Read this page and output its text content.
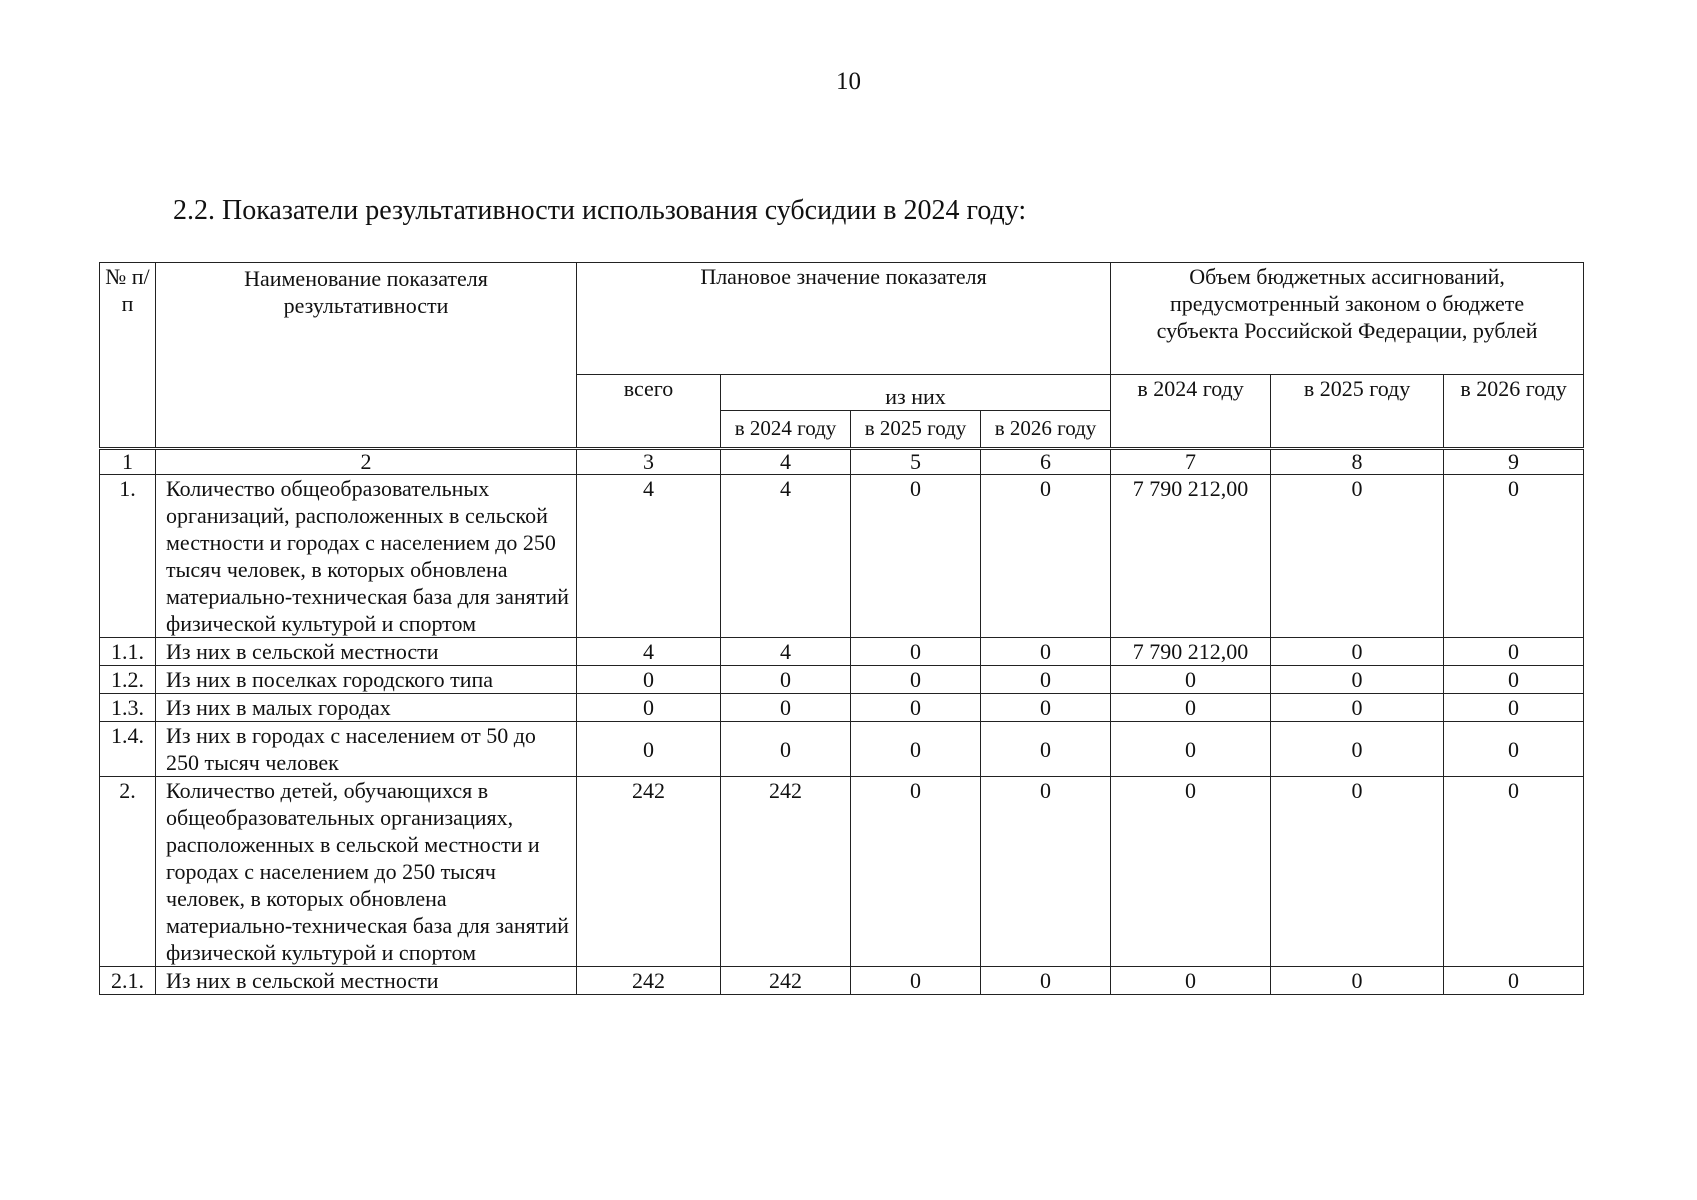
10
2.2. Показатели результативности использования субсидии в 2024 году:
№ п/п	Наименование показателя результативности	Плановое значение показателя				Объем бюджетных ассигнований, предусмотренный законом о бюджете субъекта Российской Федерации, рублей		
		всего	из них			в 2024 году	в 2025 году	в 2026 году
			в 2024 году	в 2025 году	в 2026 году			
1	2	3	4	5	6	7	8	9
1.	Количество общеобразовательных организаций, расположенных в сельской местности и городах с населением до 250 тысяч человек, в которых обновлена материально-техническая база для занятий физической культурой и спортом	4	4	0	0	7 790 212,00	0	0
1.1.	Из них в сельской местности	4	4	0	0	7 790 212,00	0	0
1.2.	Из них в поселках городского типа	0	0	0	0	0	0	0
1.3.	Из них в малых городах	0	0	0	0	0	0	0
1.4.	Из них в городах с населением от 50 до 250 тысяч человек	0	0	0	0	0	0	0
2.	Количество детей, обучающихся в общеобразовательных организациях, расположенных в сельской местности и городах с населением до 250 тысяч человек, в которых обновлена материально-техническая база для занятий физической культурой и спортом	242	242	0	0	0	0	0
2.1.	Из них в сельской местности	242	242	0	0	0	0	0
